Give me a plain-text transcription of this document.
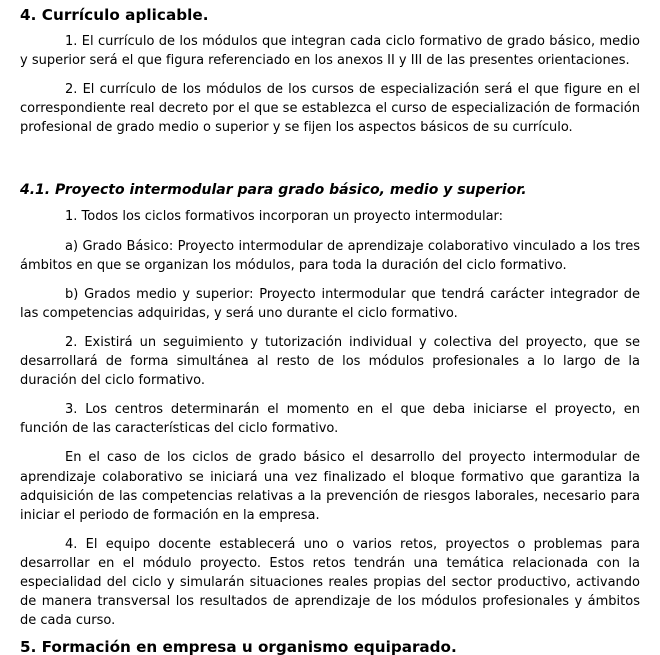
4. Currículo aplicable.

1. El currículo de los módulos que integran cada ciclo formativo de grado básico, medio y superior será el que figura referenciado en los anexos II y III de las presentes orientaciones.

2. El currículo de los módulos de los cursos de especialización será el que figure en el correspondiente real decreto por el que se establezca el curso de especialización de formación profesional de grado medio o superior y se fijen los aspectos básicos de su currículo.

4.1. Proyecto intermodular para grado básico, medio y superior.

1. Todos los ciclos formativos incorporan un proyecto intermodular:

a) Grado Básico: Proyecto intermodular de aprendizaje colaborativo vinculado a los tres ámbitos en que se organizan los módulos, para toda la duración del ciclo formativo.

b) Grados medio y superior: Proyecto intermodular que tendrá carácter integrador de las competencias adquiridas, y será uno durante el ciclo formativo.

2. Existirá un seguimiento y tutorización individual y colectiva del proyecto, que se desarrollará de forma simultánea al resto de los módulos profesionales a lo largo de la duración del ciclo formativo.

3. Los centros determinarán el momento en el que deba iniciarse el proyecto, en función de las características del ciclo formativo.

En el caso de los ciclos de grado básico el desarrollo del proyecto intermodular de aprendizaje colaborativo se iniciará una vez finalizado el bloque formativo que garantiza la adquisición de las competencias relativas a la prevención de riesgos laborales, necesario para iniciar el periodo de formación en la empresa.

4. El equipo docente establecerá uno o varios retos, proyectos o problemas para desarrollar en el módulo proyecto. Estos retos tendrán una temática relacionada con la especialidad del ciclo y simularán situaciones reales propias del sector productivo, activando de manera transversal los resultados de aprendizaje de los módulos profesionales y ámbitos de cada curso.

5. Formación en empresa u organismo equiparado.
